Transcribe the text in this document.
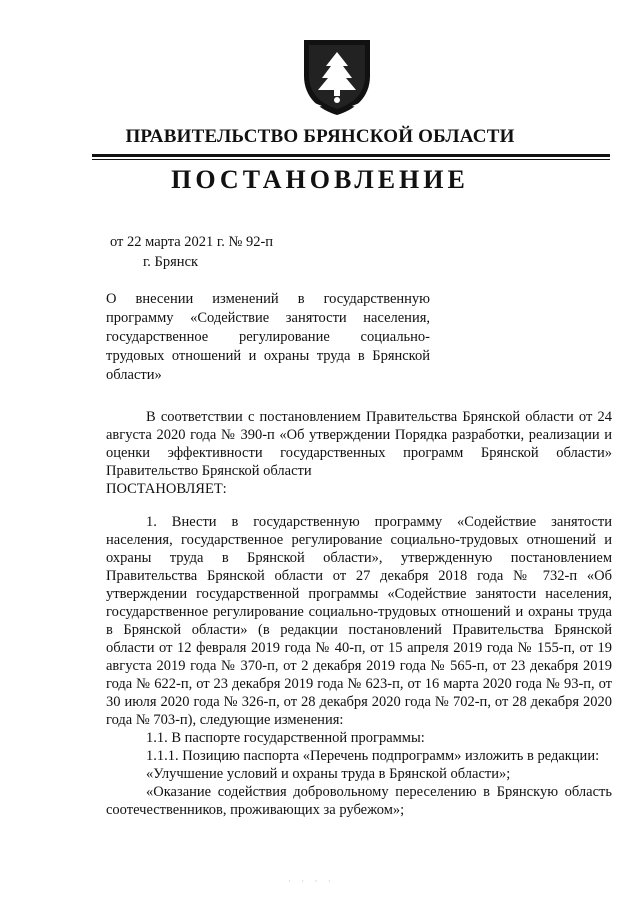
ПРАВИТЕЛЬСТВО БРЯНСКОЙ ОБЛАСТИ
ПОСТАНОВЛЕНИЕ
от 22 марта 2021 г. № 92-п
г. Брянск
О внесении изменений в государственную программу «Содействие занятости населения, государственное регулирование социально-трудовых отношений и охраны труда в Брянской области»

В соответствии с постановлением Правительства Брянской области от 24 августа 2020 года № 390-п «Об утверждении Порядка разработки, реализации и оценки эффективности государственных программ Брянской области» Правительство Брянской области

ПОСТАНОВЛЯЕТ:

1. Внести в государственную программу «Содействие занятости населения, государственное регулирование социально-трудовых отношений и охраны труда в Брянской области», утвержденную постановлением Правительства Брянской области от 27 декабря 2018 года № 732-п «Об утверждении государственной программы «Содействие занятости населения, государственное регулирование социально-трудовых отношений и охраны труда в Брянской области» (в редакции постановлений Правительства Брянской области от 12 февраля 2019 года № 40-п, от 15 апреля 2019 года № 155-п, от 19 августа 2019 года № 370-п, от 2 декабря 2019 года № 565-п, от 23 декабря 2019 года № 622-п, от 23 декабря 2019 года № 623-п, от 16 марта 2020 года № 93-п, от 30 июля 2020 года № 326-п, от 28 декабря 2020 года № 702-п, от 28 декабря 2020 года № 703-п), следующие изменения:

1.1. В паспорте государственной программы:

1.1.1. Позицию паспорта «Перечень подпрограмм» изложить в редакции:

«Улучшение условий и охраны труда в Брянской области»;

«Оказание содействия добровольному переселению в Брянскую область соотечественников, проживающих за рубежом»;

· · · ·
